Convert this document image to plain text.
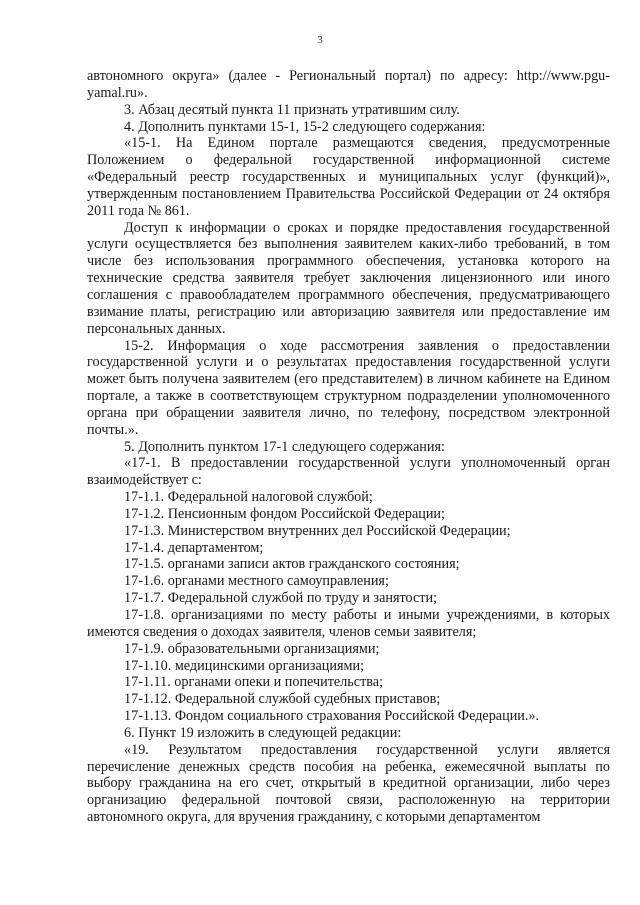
3

автономного округа» (далее - Региональный портал) по адресу: http://www.pgu-yamal.ru».

3. Абзац десятый пункта 11 признать утратившим силу.

4. Дополнить пунктами 15-1, 15-2 следующего содержания:

«15-1. На Едином портале размещаются сведения, предусмотренные Положением о федеральной государственной информационной системе «Федеральный реестр государственных и муниципальных услуг (функций)», утвержденным постановлением Правительства Российской Федерации от 24 октября 2011 года № 861.

Доступ к информации о сроках и порядке предоставления государственной услуги осуществляется без выполнения заявителем каких-либо требований, в том числе без использования программного обеспечения, установка которого на технические средства заявителя требует заключения лицензионного или иного соглашения с правообладателем программного обеспечения, предусматривающего взимание платы, регистрацию или авторизацию заявителя или предоставление им персональных данных.

15-2. Информация о ходе рассмотрения заявления о предоставлении государственной услуги и о результатах предоставления государственной услуги может быть получена заявителем (его представителем) в личном кабинете на Едином портале, а также в соответствующем структурном подразделении уполномоченного органа при обращении заявителя лично, по телефону, посредством электронной почты.».

5. Дополнить пунктом 17-1 следующего содержания:

«17-1. В предоставлении государственной услуги уполномоченный орган взаимодействует с:

17-1.1. Федеральной налоговой службой;

17-1.2. Пенсионным фондом Российской Федерации;

17-1.3. Министерством внутренних дел Российской Федерации;

17-1.4. департаментом;

17-1.5. органами записи актов гражданского состояния;

17-1.6. органами местного самоуправления;

17-1.7. Федеральной службой по труду и занятости;

17-1.8. организациями по месту работы и иными учреждениями, в которых имеются сведения о доходах заявителя, членов семьи заявителя;

17-1.9. образовательными организациями;

17-1.10. медицинскими организациями;

17-1.11. органами опеки и попечительства;

17-1.12. Федеральной службой судебных приставов;

17-1.13. Фондом социального страхования Российской Федерации.».

6. Пункт 19 изложить в следующей редакции:

«19. Результатом предоставления государственной услуги является перечисление денежных средств пособия на ребенка, ежемесячной выплаты по выбору гражданина на его счет, открытый в кредитной организации, либо через организацию федеральной почтовой связи, расположенную на территории автономного округа, для вручения гражданину, с которыми департаментом
